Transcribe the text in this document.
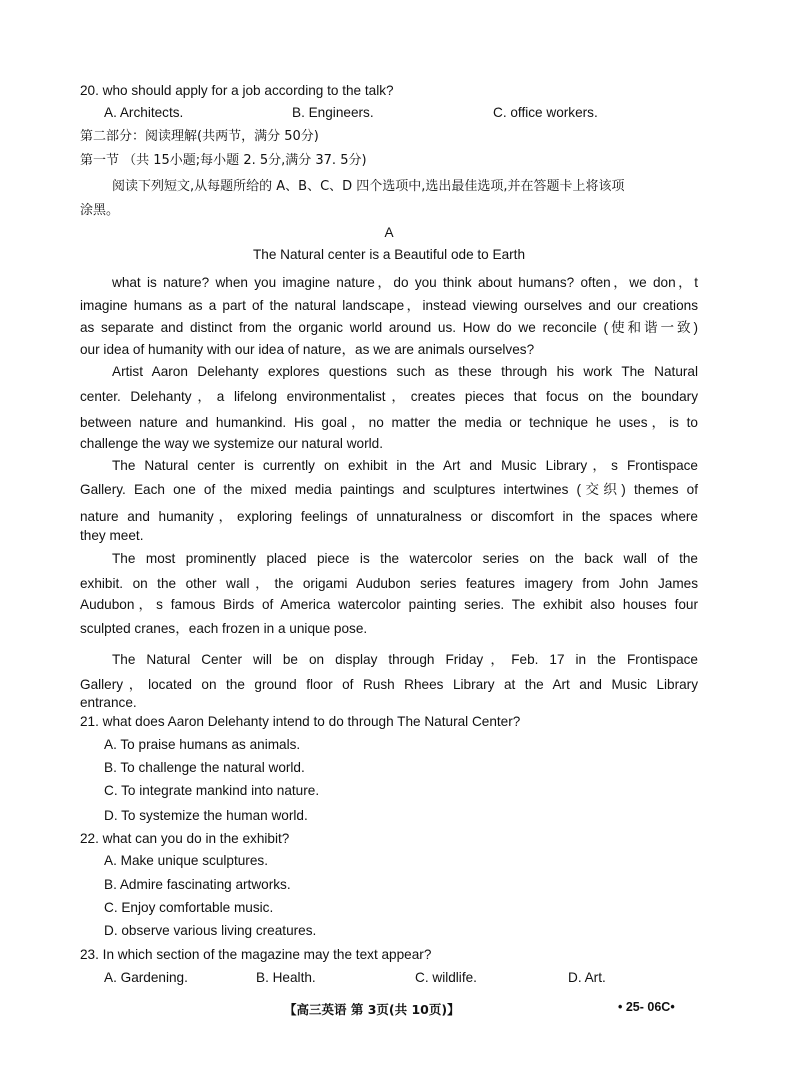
20. who should apply for a job according to the talk?
A. Architects.	B. Engineers.	C. office workers.
第二部分：阅读理解(共两节，满分 50分)
第一节 （共 15小题;每小题 2. 5分,满分 37. 5分)
阅读下列短文,从每题所给的 A、B、C、D 四个选项中,选出最佳选项,并在答题卡上将该项
涂黑。
A
The Natural center is a Beautiful ode to Earth
what is nature? when you imagine nature，do you think about humans? often，we don，t
imagine humans as a part of the natural landscape，instead viewing ourselves and our creations
as separate and distinct from the organic world around us. How do we reconcile (使和谐一致)
our idea of humanity with our idea of nature，as we are animals ourselves?
Artist Aaron Delehanty explores questions such as these through his work The Natural
center. Delehanty，a lifelong environmentalist，creates pieces that focus on the boundary
between nature and humankind. His goal，no matter the media or technique he uses，is to
challenge the way we systemize our natural world.
The Natural center is currently on exhibit in the Art and Music Library，s Frontispace
Gallery. Each one of the mixed media paintings and sculptures intertwines (交织) themes of
nature and humanity，exploring feelings of unnaturalness or discomfort in the spaces where
they meet.
The most prominently placed piece is the watercolor series on the back wall of the
exhibit. on the other wall，the origami Audubon series features imagery from John James
Audubon，s famous Birds of America watercolor painting series. The exhibit also houses four
sculpted cranes，each frozen in a unique pose.
The Natural Center will be on display through Friday，Feb. 17 in the Frontispace
Gallery，located on the ground floor of Rush Rhees Library at the Art and Music Library
entrance.
21. what does Aaron Delehanty intend to do through The Natural Center?
A. To praise humans as animals.
B. To challenge the natural world.
C. To integrate mankind into nature.
D. To systemize the human world.
22. what can you do in the exhibit?
A. Make unique sculptures.
B. Admire fascinating artworks.
C. Enjoy comfortable music.
D. observe various living creatures.
23. In which section of the magazine may the text appear?
A. Gardening.	B. Health.	C. wildlife.	D. Art.
【高三英语 第 3页(共 10页)】	• 25- 06C•
